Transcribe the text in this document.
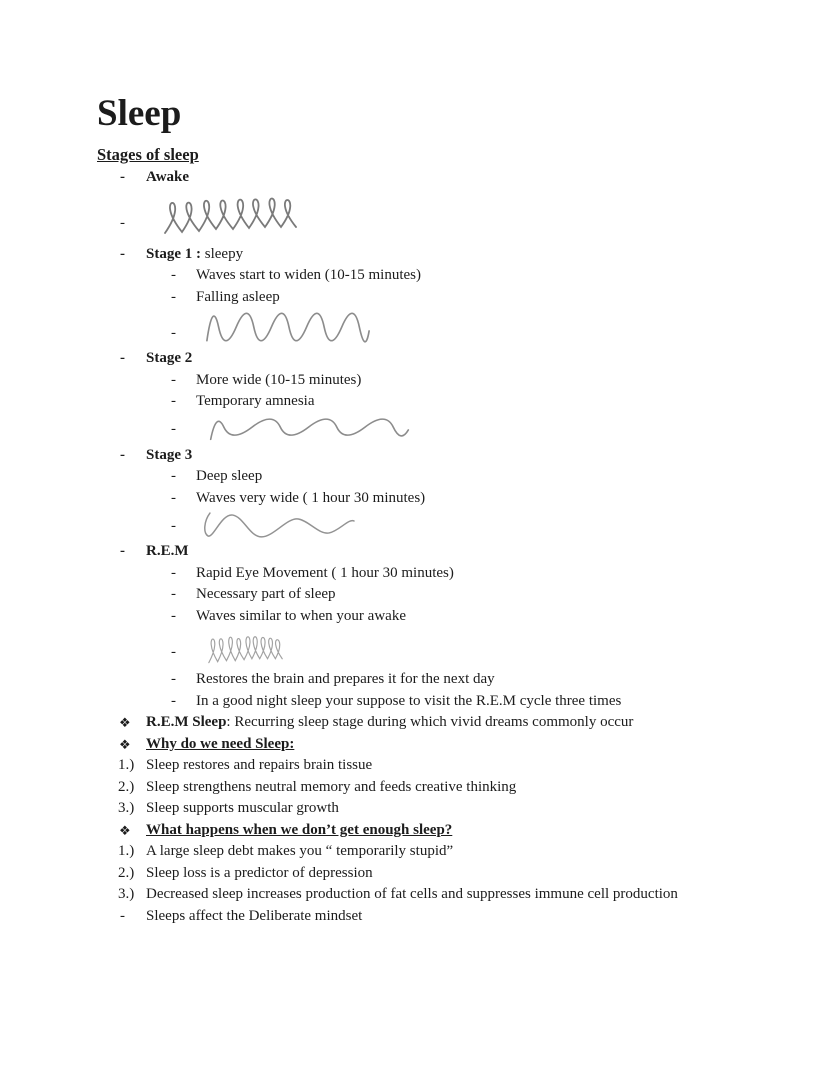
Sleep
Stages of sleep
-	Awake
-
-	Stage 1 : sleepy
-	Waves start to widen (10-15 minutes)
-	Falling asleep
-
-	Stage 2
-	More wide (10-15 minutes)
-	Temporary amnesia
-
-	Stage 3
-	Deep sleep
-	Waves very wide ( 1 hour 30 minutes)
-
-	R.E.M
-	Rapid Eye Movement ( 1 hour 30 minutes)
-	Necessary part of sleep
-	Waves similar to when your awake
-
-	Restores the brain and prepares it for the next day
-	In a good night sleep your suppose to visit the R.E.M cycle three times
❖	R.E.M Sleep: Recurring sleep stage during which vivid dreams commonly occur
❖	Why do we need Sleep:
1.) Sleep restores and repairs brain tissue
2.) Sleep strengthens neutral memory and feeds creative thinking
3.) Sleep supports muscular growth
❖	What happens when we don’t get enough sleep?
1.) A large sleep debt makes you “ temporarily stupid”
2.) Sleep loss is a predictor of depression
3.) Decreased sleep increases production of fat cells and suppresses immune cell production
-	Sleeps affect the Deliberate mindset
